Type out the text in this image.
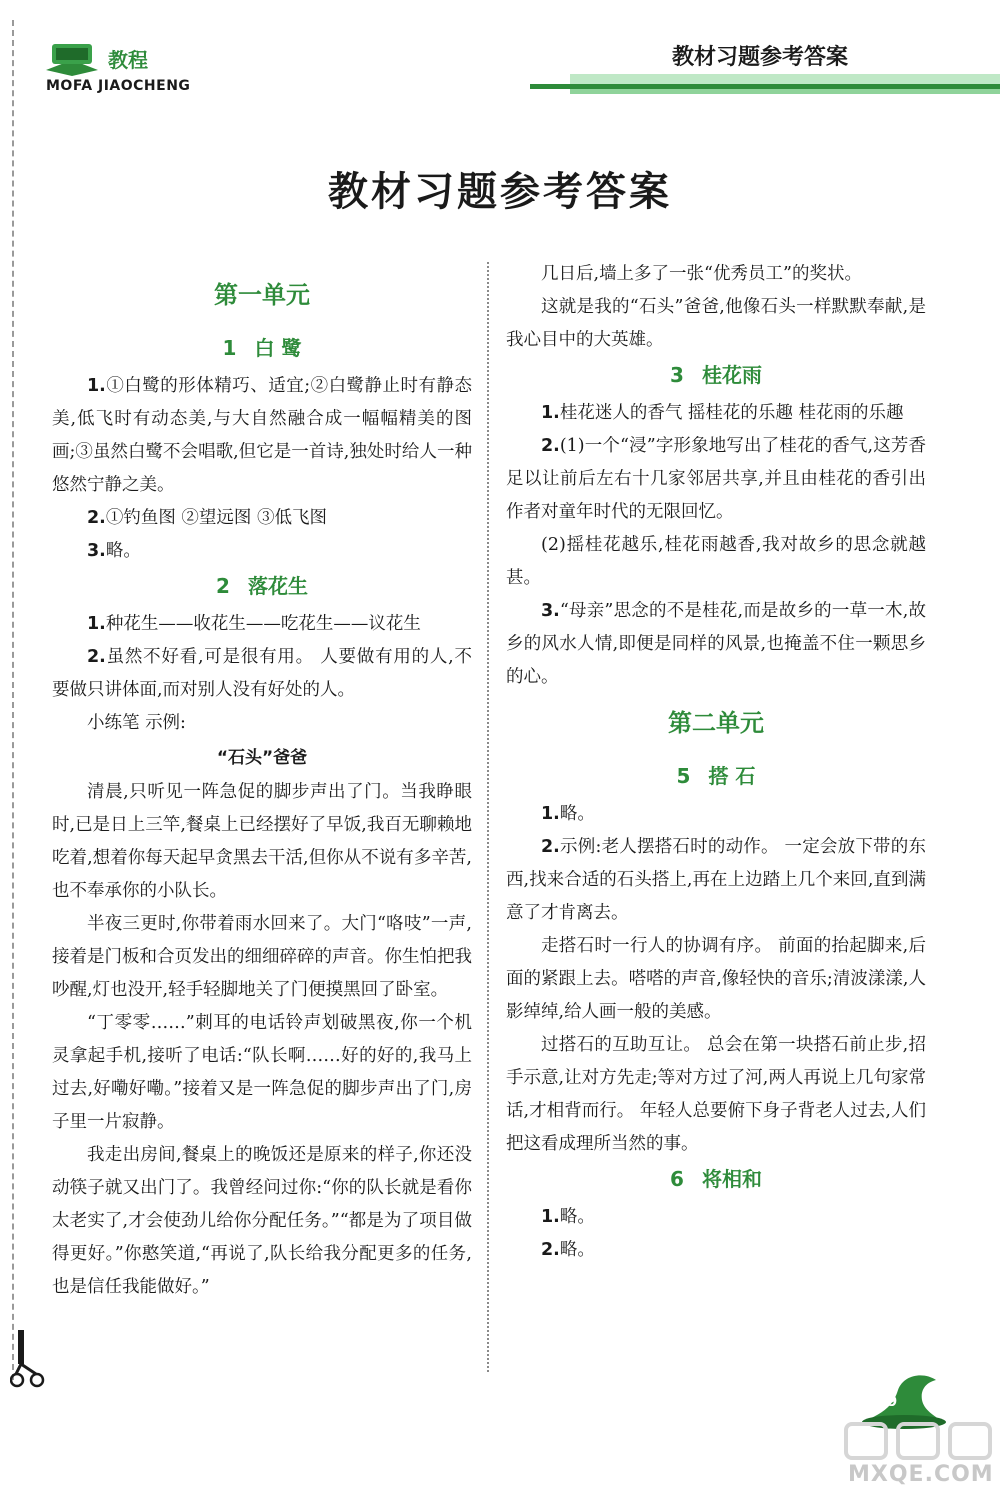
教程
MOFA JIAOCHENG
教材习题参考答案
教材习题参考答案
第一单元
1 白 鹭

1.①白鹭的形体精巧、适宜;②白鹭静止时有静态美,低飞时有动态美,与大自然融合成一幅幅精美的图画;③虽然白鹭不会唱歌,但它是一首诗,独处时给人一种悠然宁静之美。

2.①钓鱼图 ②望远图 ③低飞图

3.略。

2 落花生

1.种花生——收花生——吃花生——议花生

2.虽然不好看,可是很有用。 人要做有用的人,不要做只讲体面,而对别人没有好处的人。

小练笔 示例:

“石头”爸爸

清晨,只听见一阵急促的脚步声出了门。当我睁眼时,已是日上三竿,餐桌上已经摆好了早饭,我百无聊赖地吃着,想着你每天起早贪黑去干活,但你从不说有多辛苦,也不奉承你的小队长。

半夜三更时,你带着雨水回来了。大门“咯吱”一声,接着是门板和合页发出的细细碎碎的声音。你生怕把我吵醒,灯也没开,轻手轻脚地关了门便摸黑回了卧室。

“丁零零……”刺耳的电话铃声划破黑夜,你一个机灵拿起手机,接听了电话:“队长啊……好的好的,我马上过去,好嘞好嘞。”接着又是一阵急促的脚步声出了门,房子里一片寂静。

我走出房间,餐桌上的晚饭还是原来的样子,你还没动筷子就又出门了。我曾经问过你:“你的队长就是看你太老实了,才会使劲儿给你分配任务。”“都是为了项目做得更好。”你憨笑道,“再说了,队长给我分配更多的任务,也是信任我能做好。”

几日后,墙上多了一张“优秀员工”的奖状。

这就是我的“石头”爸爸,他像石头一样默默奉献,是我心目中的大英雄。

3 桂花雨

1.桂花迷人的香气 摇桂花的乐趣 桂花雨的乐趣

2.(1)一个“浸”字形象地写出了桂花的香气,这芳香足以让前后左右十几家邻居共享,并且由桂花的香引出作者对童年时代的无限回忆。

(2)摇桂花越乐,桂花雨越香,我对故乡的思念就越甚。

3.“母亲”思念的不是桂花,而是故乡的一草一木,故乡的风水人情,即便是同样的风景,也掩盖不住一颗思乡的心。

第二单元
5 搭 石

1.略。

2.示例:老人摆搭石时的动作。 一定会放下带的东西,找来合适的石头搭上,再在上边踏上几个来回,直到满意了才肯离去。

走搭石时一行人的协调有序。 前面的抬起脚来,后面的紧跟上去。嗒嗒的声音,像轻快的音乐;清波漾漾,人影绰绰,给人画一般的美感。

过搭石的互助互让。 总会在第一块搭石前止步,招手示意,让对方先走;等对方过了河,两人再说上几句家常话,才相背而行。 年轻人总要俯下身子背老人过去,人们把这看成理所当然的事。

6 将相和

1.略。

2.略。

269
MXQE.COM
